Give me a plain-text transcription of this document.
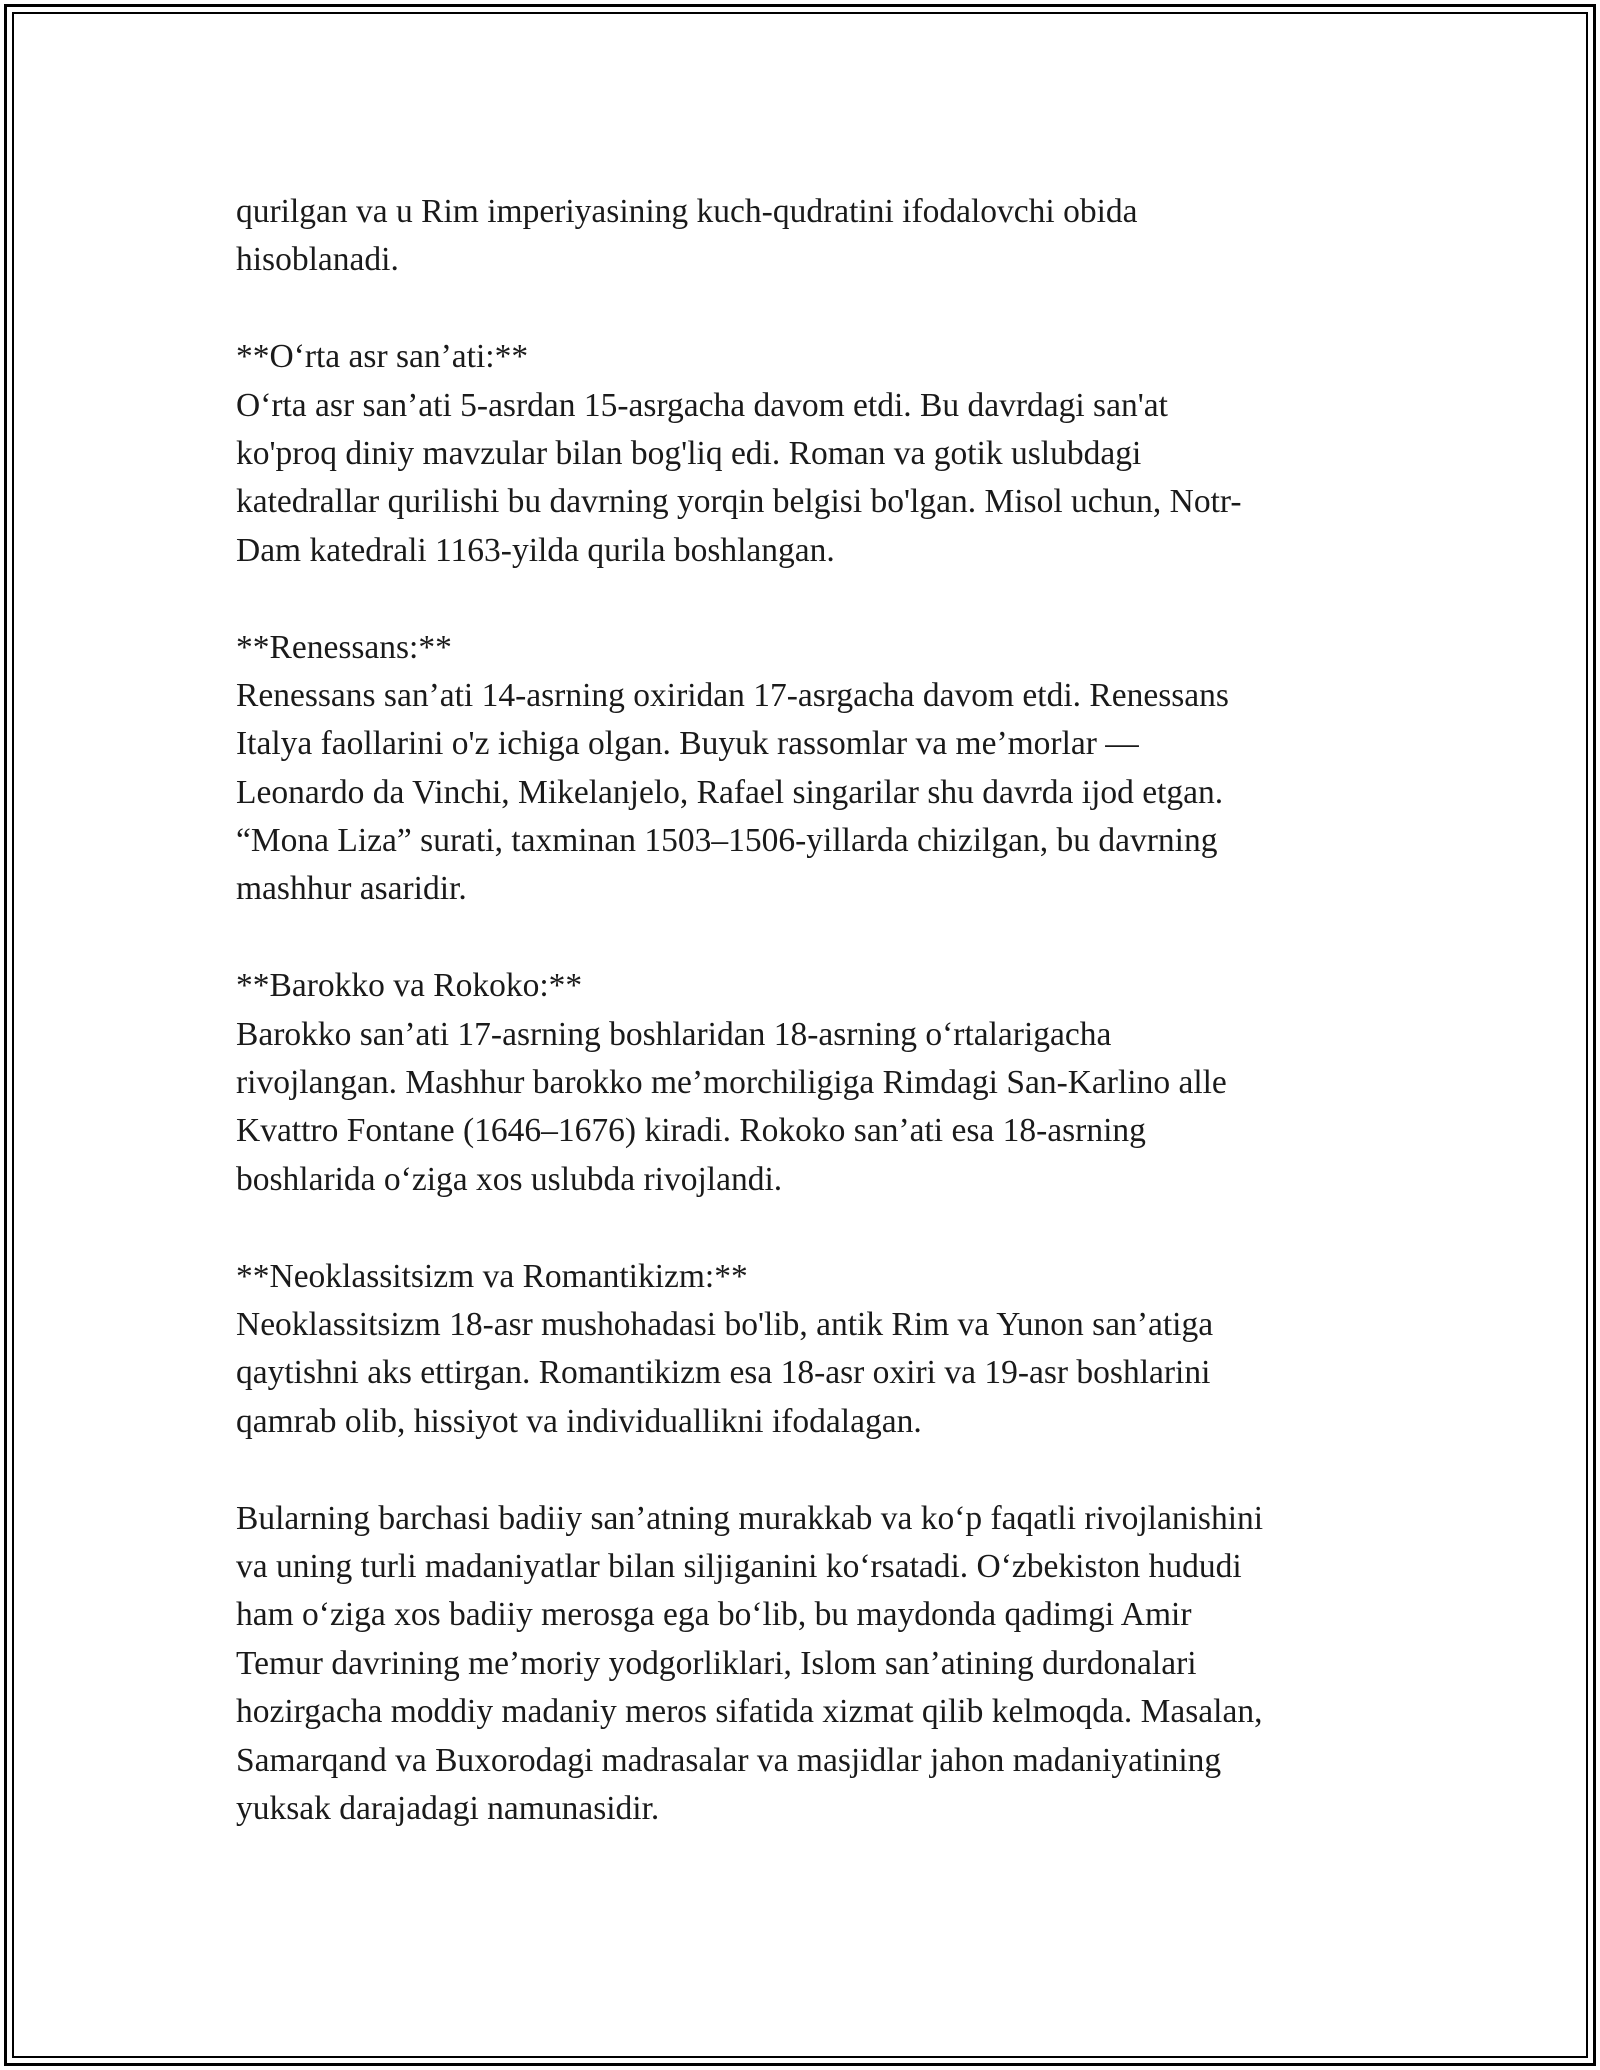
qurilgan va u Rim imperiyasining kuch-qudratini ifodalovchi obida
hisoblanadi.
**O‘rta asr san’ati:**
O‘rta asr san’ati 5-asrdan 15-asrgacha davom etdi. Bu davrdagi san'at
ko'proq diniy mavzular bilan bog'liq edi. Roman va gotik uslubdagi
katedrallar qurilishi bu davrning yorqin belgisi bo'lgan. Misol uchun, Notr-
Dam katedrali 1163-yilda qurila boshlangan.
**Renessans:**
Renessans san’ati 14-asrning oxiridan 17-asrgacha davom etdi. Renessans
Italya faollarini o'z ichiga olgan. Buyuk rassomlar va me’morlar —
Leonardo da Vinchi, Mikelanjelo, Rafael singarilar shu davrda ijod etgan.
“Mona Liza” surati, taxminan 1503–1506-yillarda chizilgan, bu davrning
mashhur asaridir.
**Barokko va Rokoko:**
Barokko san’ati 17-asrning boshlaridan 18-asrning o‘rtalarigacha
rivojlangan. Mashhur barokko me’morchiligiga Rimdagi San-Karlino alle
Kvattro Fontane (1646–1676) kiradi. Rokoko san’ati esa 18-asrning
boshlarida o‘ziga xos uslubda rivojlandi.
**Neoklassitsizm va Romantikizm:**
Neoklassitsizm 18-asr mushohadasi bo'lib, antik Rim va Yunon san’atiga
qaytishni aks ettirgan. Romantikizm esa 18-asr oxiri va 19-asr boshlarini
qamrab olib, hissiyot va individuallikni ifodalagan.
Bularning barchasi badiiy san’atning murakkab va ko‘p faqatli rivojlanishini
va uning turli madaniyatlar bilan siljiganini ko‘rsatadi. O‘zbekiston hududi
ham o‘ziga xos badiiy merosga ega bo‘lib, bu maydonda qadimgi Amir
Temur davrining me’moriy yodgorliklari, Islom san’atining durdonalari
hozirgacha moddiy madaniy meros sifatida xizmat qilib kelmoqda. Masalan,
Samarqand va Buxorodagi madrasalar va masjidlar jahon madaniyatining
yuksak darajadagi namunasidir.
